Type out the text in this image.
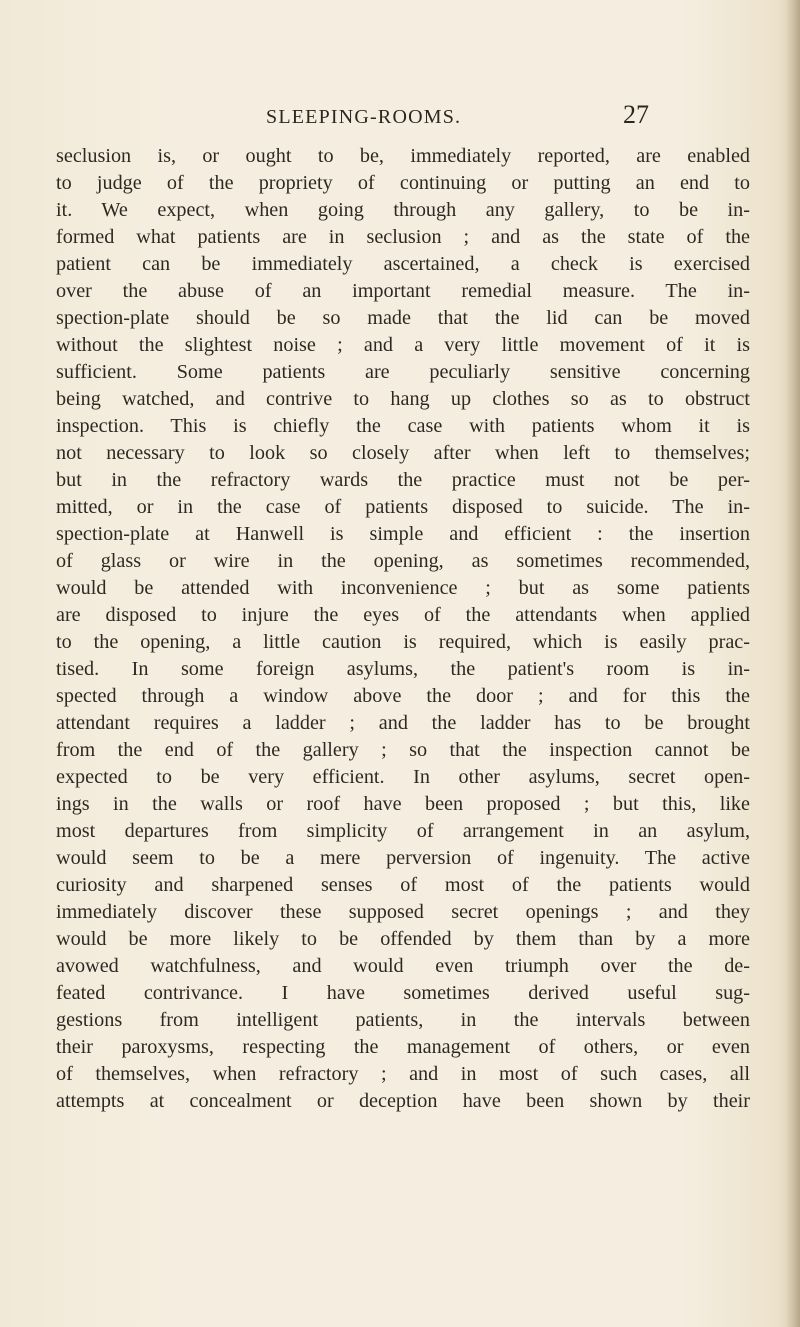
SLEEPING-ROOMS.	27
seclusion is, or ought to be, immediately reported, are enabled
to judge of the propriety of continuing or putting an end to
it. We expect, when going through any gallery, to be in-
formed what patients are in seclusion ; and as the state of the
patient can be immediately ascertained, a check is exercised
over the abuse of an important remedial measure. The in-
spection-plate should be so made that the lid can be moved
without the slightest noise ; and a very little movement of it is
sufficient. Some patients are peculiarly sensitive concerning
being watched, and contrive to hang up clothes so as to obstruct
inspection. This is chiefly the case with patients whom it is
not necessary to look so closely after when left to themselves;
but in the refractory wards the practice must not be per-
mitted, or in the case of patients disposed to suicide. The in-
spection-plate at Hanwell is simple and efficient : the insertion
of glass or wire in the opening, as sometimes recommended,
would be attended with inconvenience ; but as some patients
are disposed to injure the eyes of the attendants when applied
to the opening, a little caution is required, which is easily prac-
tised. In some foreign asylums, the patient's room is in-
spected through a window above the door ; and for this the
attendant requires a ladder ; and the ladder has to be brought
from the end of the gallery ; so that the inspection cannot be
expected to be very efficient. In other asylums, secret open-
ings in the walls or roof have been proposed ; but this, like
most departures from simplicity of arrangement in an asylum,
would seem to be a mere perversion of ingenuity. The active
curiosity and sharpened senses of most of the patients would
immediately discover these supposed secret openings ; and they
would be more likely to be offended by them than by a more
avowed watchfulness, and would even triumph over the de-
feated contrivance. I have sometimes derived useful sug-
gestions from intelligent patients, in the intervals between
their paroxysms, respecting the management of others, or even
of themselves, when refractory ; and in most of such cases, all
attempts at concealment or deception have been shown by their
